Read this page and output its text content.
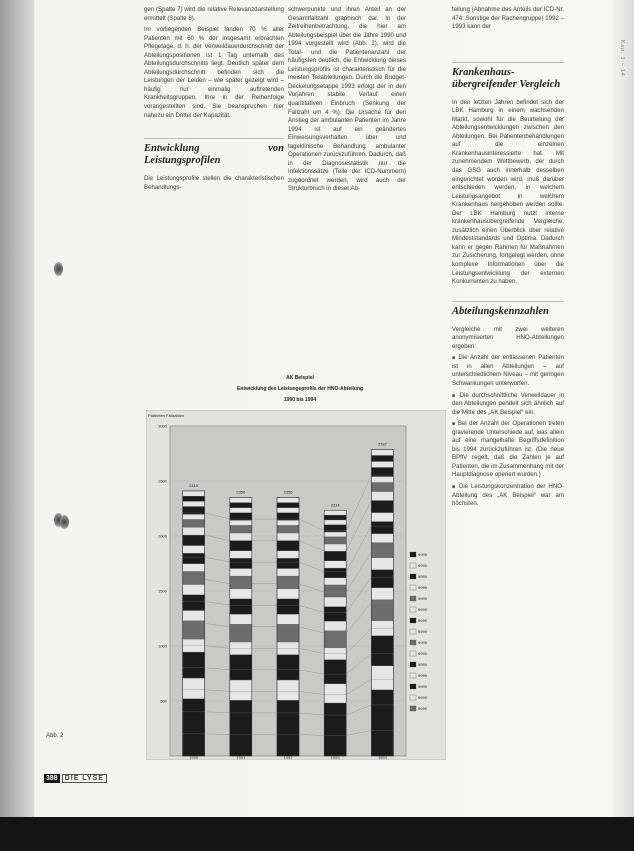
Kap. 1 – 14

gen (Spalte 7) wird die relative Relevanzdarstellung ermittelt (Spalte 8).

Im vorliegenden Beispiel fanden 70 % aller Patienten mit 60 % der insgesamt erbrachten Pflegetage, d. h. der Verweildauerdurchschnitt der Abteilungspositionen ist 1 Tag unterhalb des Abteilungsdurchschnitts liegt. Deutlich später dem Abteilungsdurchschnitt befinden sich die Leistungen der Leiden – wie später gezeigt wird – häufig nur einmalig auftretenden Krankheitsgruppen. Ihre in der Reihenfolge vorangestellten sind. Sie beanspruchen hier nahezu ein Drittel der Kapazität.

Entwicklung von Leistungsprofilen

Die Leistungsprofile stellen die charakteristischen Behandlungs-

schwerpunkte und ihren Anteil an der Gesamtfallzahl graphisch dar. In der Zeitreihenbetrachtung, die hier am Abteilungsbeispiel über die Jahre 1990 und 1994 vorgestellt wird (Abb. 2), wird die Total- und die Patientenanzahl der häufigsten deutlich, die Entwicklung dieses Leistungsprofils ist charakteristisch für die meisten Teilabteilungen. Durch die Budget-Deckelungsetappe 1993 erfolgt der in den Vorjahren stabile Verlauf einen quantitativen Einbruch (Senkung der Fallzahl um 4 %). Die Ursache für den Anstieg der ambulanten Patienten im Jahre 1994 ist auf ein geändertes Einweisungsverhalten über und tageklinische Behandlung ambulanter Operationen zurückzuführen. Dadurch, daß in der Diagnosestatistik nur die Infektionssätze (Teile der ICD-Nummern) zugeordnet werden, wird auch der Strukturbruch in dieser Ab-

teilung (Abnahme des Anteils der ICD-Nr. 474: Sonstige der Rachengruppe) 1992 – 1993 kann der

Krankenhaus-übergreifender Vergleich

In den letzten Jahren befindet sich der LBK Hamburg in einem wachsenden Markt, sowohl für die Beurteilung der Abteilungsentwicklungen zwischen den Abteilungen. Bei Patientenbehandlungen auf die einzelnen Krankenhausinteressierte hat. Mit zunehmendem Wettbewerb, der durch das GSG auch innerhalb desselben eingerichtet worden wird, muß darüber entschieden werden, in welchem Leistungsangebot in welchem Krankenhaus hergehoben werden sollte. Der LBK Hamburg nutzt interne krankenhausübergreifende Vergleiche, zusätzlich einen Überblick über relative Mindeststandards und Optima. Dadurch kann er gegen Rahmen für Maßnahmen zur Zusicherung, fortgelegt werden, ohne komplexe Informationen über die Leistungsentwicklung der externen Konkurrenten zu haben.

Abteilungskennzahlen

Vergleiche mit zwei weiteren anonymisierten HNO-Abteilungen ergeben:

■ Die Anzahl der entlassenen Patienten ist in allen Abteilungen – auf unterschiedlichem Niveau – mit geringen Schwankungen unterworfen.

■ Die durchschnittliche Verweildauer in den Abteilungen pendelt sich ähnlich auf die Mitte des „AK Beispiel“ ein.

■ Bei der Anzahl der Operationen treten gravierende Unterschiede auf, was allein auf eine mangelhafte Begriffsdefinition bis 1994 zurückzuführen ist. (Die neue BPflV regelt, daß die Zahlen je auf Patienten, die im Zusammenhang mit der Hauptdiagnose operiert wurden.)

■ Die Leistungskonzentration der HNO-Abteilung des „AK Beispiel“ war am höchsten.

AK Beispiel
Entwicklung des Leistungsprofils der HNO-Abteilung
1990 bis 1994
Patienten Fallzahlen
3000
2500
2000
1500
1000
500
2410
1990
2350
1991
2350
1992
2234
1993
2787
1994
9999
9999
9999
9999
9999
9999
9999
9999
9999
9999
9999
9999
9999
9999
9999
Abb. 2
388 DIE LYSE
